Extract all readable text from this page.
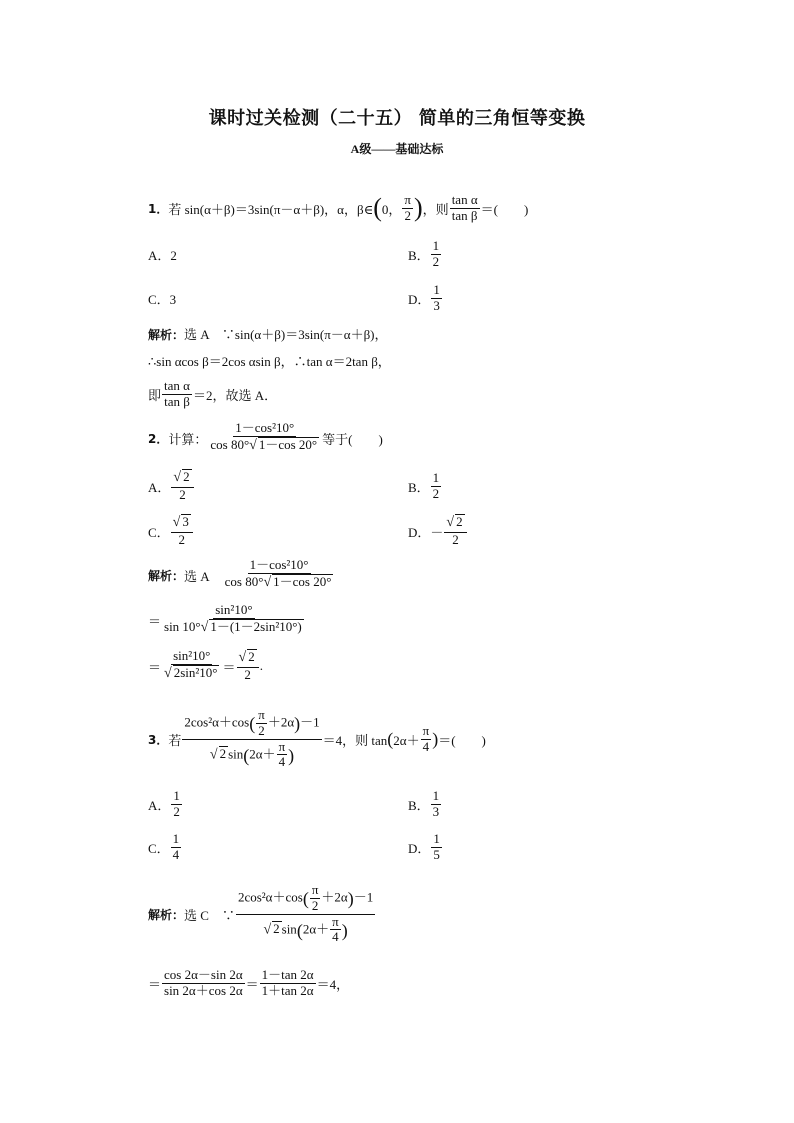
课时过关检测（二十五） 简单的三角恒等变换
A级——基础达标
1． 若 sin(α＋β)＝3sin(π－α＋β)，α，β∈ ( 0， $\frac{\pi}{2}$ ) ，则 $\frac{\text{tan α}}{\text{tan β}}$ ＝(　　)
A．2	B． $\frac{1}{2}$
C．3	D． $\frac{1}{3}$
解析：选 A　∵sin(α＋β)＝3sin(π－α＋β)，
∴sin αcos β＝2cos αsin β，∴tan α＝2tan β，
即 $\frac{\text{tan α}}{\text{tan β}} =2$，故选 A．
2． 计算： $\frac{\text{1－cos²10°}}{\cos 80^\circ√ 1-\cos 20^\circ}$ 等于(　　)
A． $\frac{√ 2}{2}$	B． $\frac{1}{2}$
C． $\frac{√ 3}{2}$	D．－ $\frac{√ 2}{2}$
解析： 选 A $\frac{\text{1－cos²10°}}{\cos 80^\circ√ 1-\cos 20^\circ}$
＝ $\frac{\text{sin²10°}}{\text{sin 10°√ 1－(1－2sin²10°)}}$
＝ $\frac{\text{sin²10°}}{\text{√ 2sin²10°}} = \frac{√ 2}{2}$ .
3． 若 $\frac{2\cos^2\alpha+\cos( \frac{\pi}{2} +2\alpha)-1}{√ 2 \sin(2\alpha+ \frac{\pi}{4} )} =4$，则 tan ( $2\alpha+ \frac{\pi}{4}$ ) ＝(　　)
A． $\frac{1}{2}$	B． $\frac{1}{3}$
C． $\frac{1}{4}$	D． $\frac{1}{5}$
解析： 选 C　∵ $\frac{2\cos^2\alpha+\cos( \frac{\pi}{2} +2\alpha)-1}{√ 2 \sin(2\alpha+ \frac{\pi}{4} )}$
＝ $\frac{\cos 2\alpha-\sin 2\alpha}{\sin 2\alpha+\cos 2\alpha} = \frac{1-\tan 2\alpha}{1+\tan 2\alpha} =4$，
